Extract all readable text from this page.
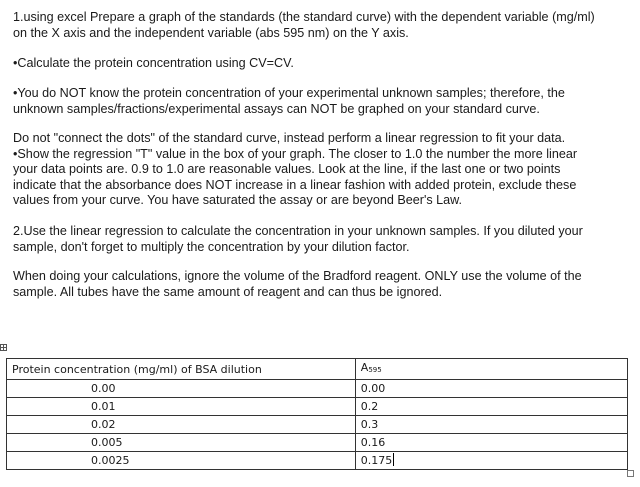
1.using excel Prepare a graph of the standards (the standard curve) with the dependent variable (mg/ml)
on the X axis and the independent variable (abs 595 nm) on the Y axis.

•Calculate the protein concentration using CV=CV.

•You do NOT know the protein concentration of your experimental unknown samples; therefore, the
unknown samples/fractions/experimental assays can NOT be graphed on your standard curve.

Do not "connect the dots" of the standard curve, instead perform a linear regression to fit your data.
•Show the regression "T" value in the box of your graph. The closer to 1.0 the number the more linear
your data points are. 0.9 to 1.0 are reasonable values. Look at the line, if the last one or two points
indicate that the absorbance does NOT increase in a linear fashion with added protein, exclude these
values from your curve. You have saturated the assay or are beyond Beer's Law.

2.Use the linear regression to calculate the concentration in your unknown samples. If you diluted your
sample, don't forget to multiply the concentration by your dilution factor.

When doing your calculations, ignore the volume of the Bradford reagent. ONLY use the volume of the
sample. All tubes have the same amount of reagent and can thus be ignored.

Protein concentration (mg/ml) of BSA dilution	A595
0.00	0.00
0.01	0.2
0.02	0.3
0.005	0.16
0.0025	0.175
